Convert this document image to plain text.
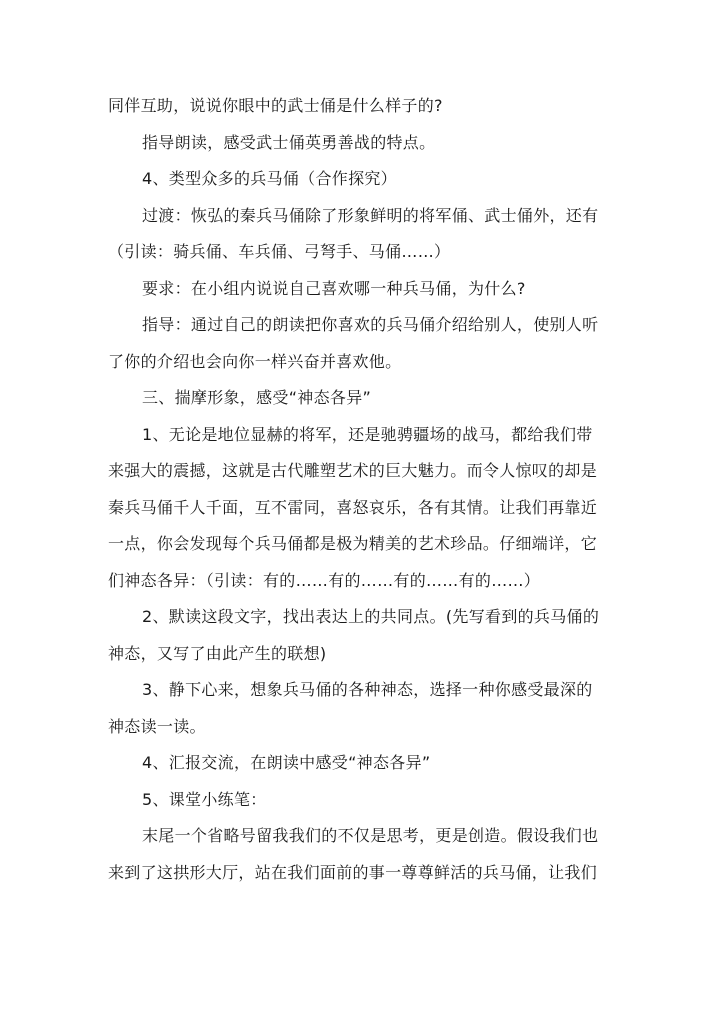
同伴互助，说说你眼中的武士俑是什么样子的?
指导朗读，感受武士俑英勇善战的特点。
4、类型众多的兵马俑（合作探究）
过渡：恢弘的秦兵马俑除了形象鲜明的将军俑、武士俑外，还有
（引读：骑兵俑、车兵俑、弓弩手、马俑……）
要求：在小组内说说自己喜欢哪一种兵马俑，为什么?
指导：通过自己的朗读把你喜欢的兵马俑介绍给别人，使别人听
了你的介绍也会向你一样兴奋并喜欢他。
三、揣摩形象，感受“神态各异”
1、无论是地位显赫的将军，还是驰骋疆场的战马，都给我们带
来强大的震撼，这就是古代雕塑艺术的巨大魅力。而令人惊叹的却是
秦兵马俑千人千面，互不雷同，喜怒哀乐，各有其情。让我们再靠近
一点，你会发现每个兵马俑都是极为精美的艺术珍品。仔细端详，它
们神态各异：（引读：有的……有的……有的……有的……）
2、默读这段文字，找出表达上的共同点。(先写看到的兵马俑的
神态，又写了由此产生的联想)
3、静下心来，想象兵马俑的各种神态，选择一种你感受最深的
神态读一读。
4、汇报交流，在朗读中感受“神态各异”
5、课堂小练笔：
末尾一个省略号留我我们的不仅是思考，更是创造。假设我们也
来到了这拱形大厅，站在我们面前的事一尊尊鲜活的兵马俑，让我们
